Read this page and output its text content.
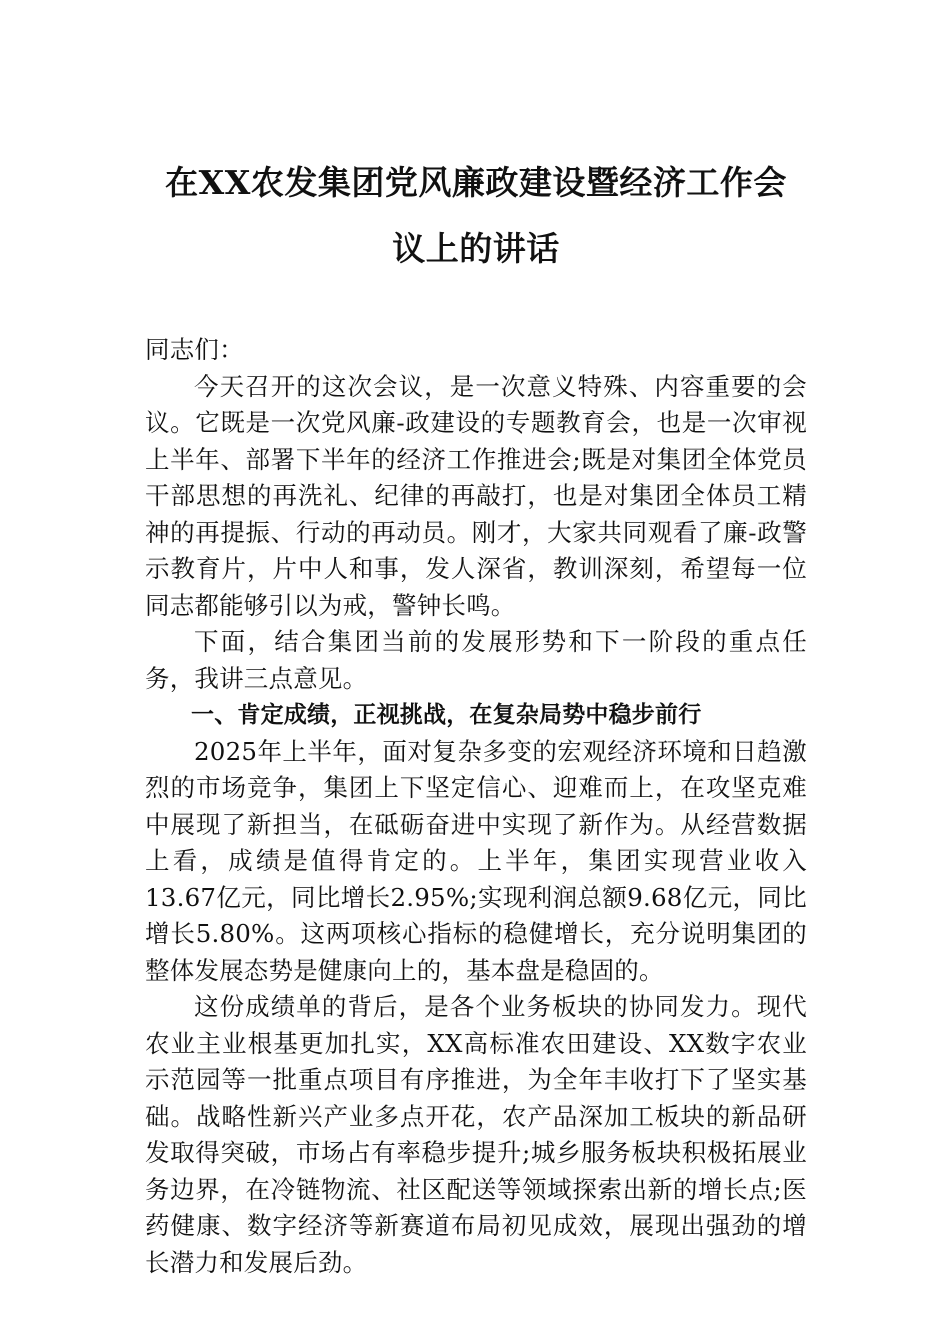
在XX农发集团党风廉政建设暨经济工作会
议上的讲话

同志们：

今天召开的这次会议，是一次意义特殊、内容重要的会议。它既是一次党风廉-政建设的专题教育会，也是一次审视上半年、部署下半年的经济工作推进会;既是对集团全体党员干部思想的再洗礼、纪律的再敲打，也是对集团全体员工精神的再提振、行动的再动员。刚才，大家共同观看了廉-政警示教育片，片中人和事，发人深省，教训深刻，希望每一位同志都能够引以为戒，警钟长鸣。

下面，结合集团当前的发展形势和下一阶段的重点任务，我讲三点意见。

一、肯定成绩，正视挑战，在复杂局势中稳步前行

2025年上半年，面对复杂多变的宏观经济环境和日趋激烈的市场竞争，集团上下坚定信心、迎难而上，在攻坚克难中展现了新担当，在砥砺奋进中实现了新作为。从经营数据上看，成绩是值得肯定的。上半年，集团实现营业收入13.67亿元，同比增长2.95%;实现利润总额9.68亿元，同比增长5.80%。这两项核心指标的稳健增长，充分说明集团的整体发展态势是健康向上的，基本盘是稳固的。

这份成绩单的背后，是各个业务板块的协同发力。现代农业主业根基更加扎实，XX高标准农田建设、XX数字农业示范园等一批重点项目有序推进，为全年丰收打下了坚实基础。战略性新兴产业多点开花，农产品深加工板块的新品研发取得突破，市场占有率稳步提升;城乡服务板块积极拓展业务边界，在冷链物流、社区配送等领域探索出新的增长点;医药健康、数字经济等新赛道布局初见成效，展现出强劲的增长潜力和发展后劲。
